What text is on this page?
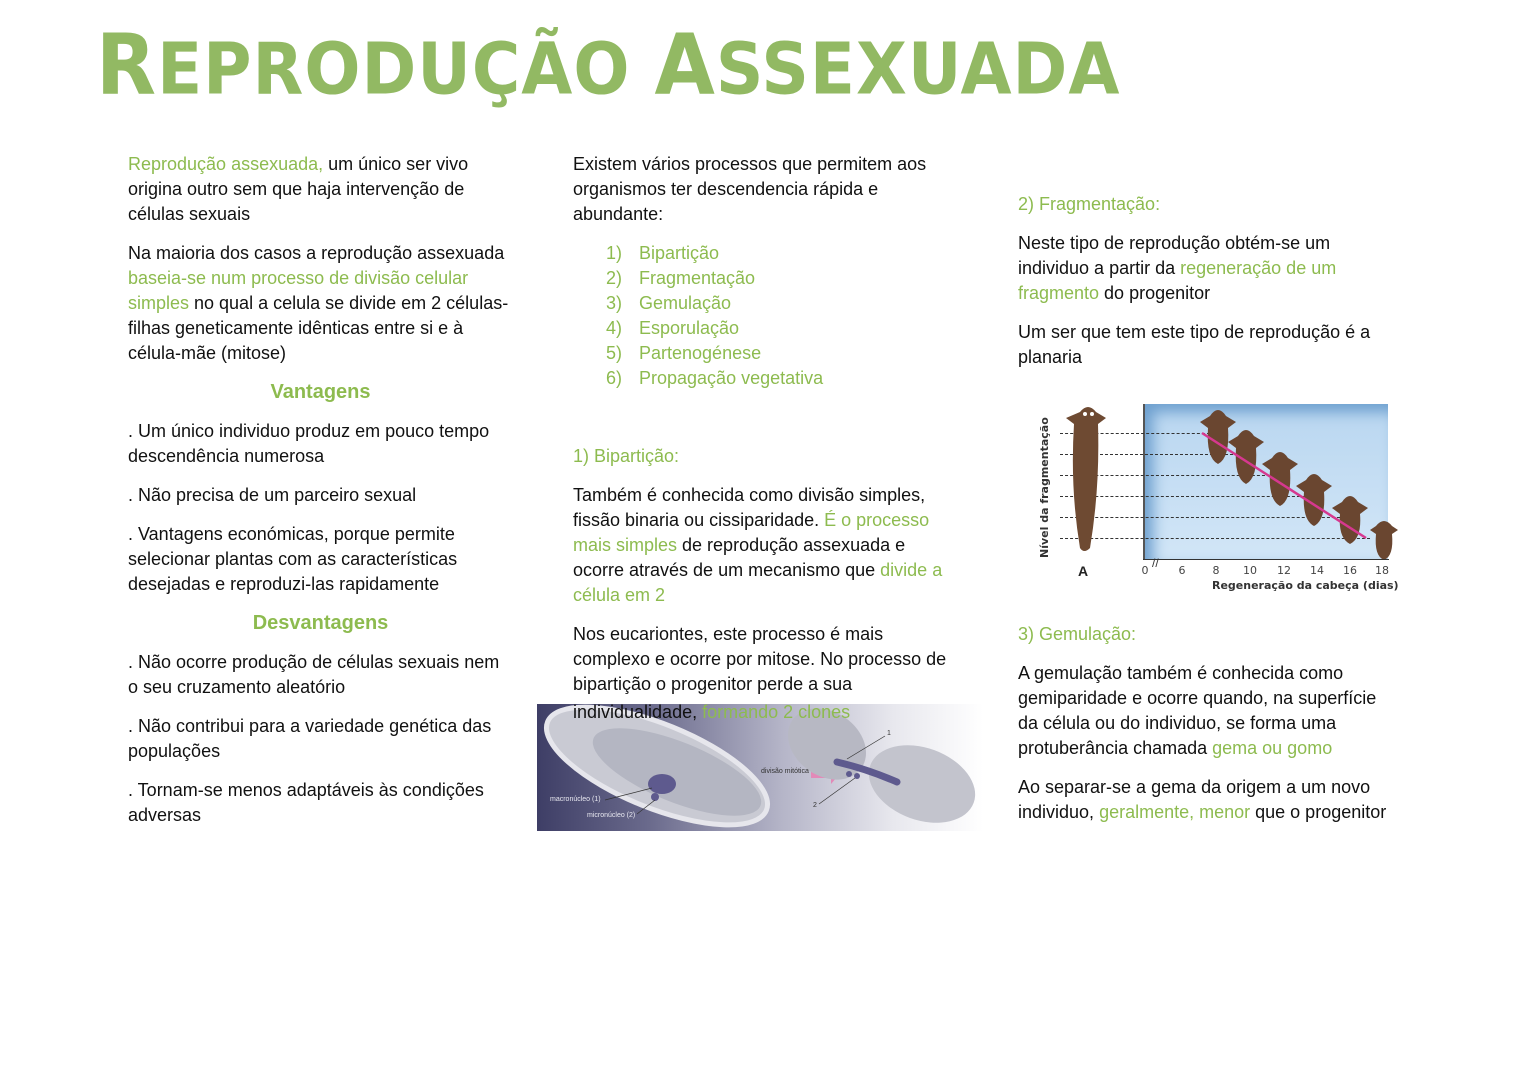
REPRODUÇÃO ASSEXUADA

Reprodução assexuada, um único ser vivo origina outro sem que haja intervenção de células sexuais

Na maioria dos casos a reprodução assexuada baseia-se num processo de divisão celular simples no qual a celula se divide em 2 células-filhas geneticamente idênticas entre si e à célula-mãe (mitose)

Vantagens

. Um único individuo produz em pouco tempo descendência numerosa

. Não precisa de um parceiro sexual

. Vantagens económicas, porque permite selecionar plantas com as características desejadas e reproduzi-las rapidamente

Desvantagens

. Não ocorre produção de células sexuais nem o seu cruzamento aleatório

. Não contribui para a variedade genética das populações

. Tornam-se menos adaptáveis às condições adversas

Existem vários processos que permitem aos organismos ter descendencia rápida e abundante:

1) Bipartição
2) Fragmentação
3) Gemulação
4) Esporulação
5) Partenogénese
6) Propagação vegetativa
1) Bipartição:

Também é conhecida como divisão simples, fissão binaria ou cissiparidade. É o processo mais simples de reprodução assexuada e ocorre através de um mecanismo que divide a célula em 2

Nos eucariontes, este processo é mais complexo e ocorre por mitose. No processo de bipartição o progenitor perde a sua

macronúcleo (1)
micronúcleo (2)
divisão mitótica
1
2
individualidade, formando 2 clones
2) Fragmentação:

Neste tipo de reprodução obtém-se um individuo a partir da regeneração de um fragmento do progenitor

Um ser que tem este tipo de reprodução é a planaria

0
//
6 8 10 12 14 16 18
Nível da fragmentação
A
Regeneração da cabeça (dias)
3) Gemulação:

A gemulação também é conhecida como gemiparidade e ocorre quando, na superfície da célula ou do individuo, se forma uma protuberância chamada gema ou gomo

Ao separar-se a gema da origem a um novo individuo, geralmente, menor que o progenitor
